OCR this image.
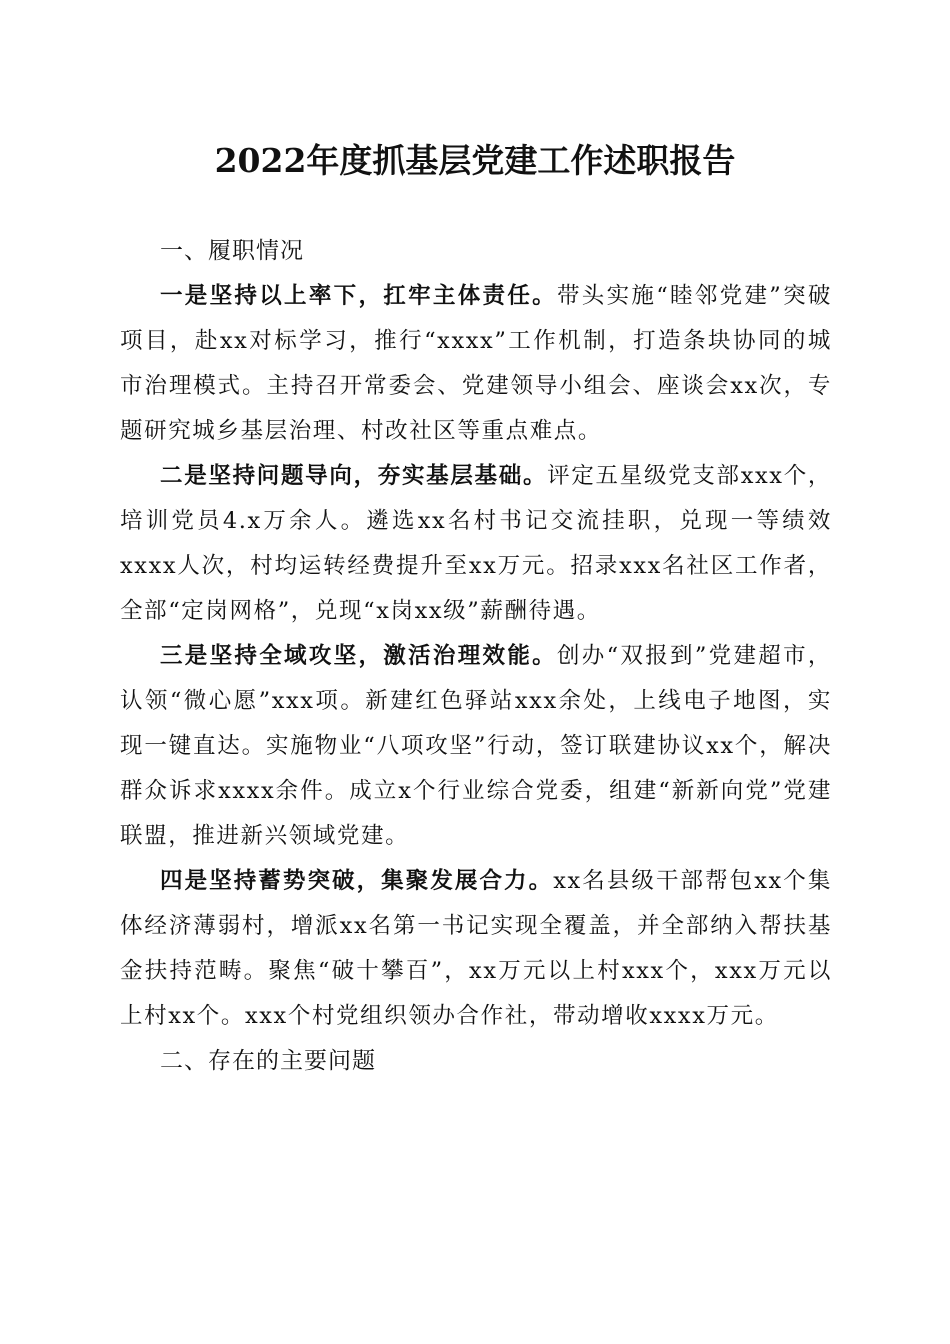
2022年度抓基层党建工作述职报告

一、履职情况

一是坚持以上率下，扛牢主体责任。带头实施“睦邻党建”突破项目，赴xx对标学习，推行“xxxx”工作机制，打造条块协同的城市治理模式。主持召开常委会、党建领导小组会、座谈会xx次，专题研究城乡基层治理、村改社区等重点难点。

二是坚持问题导向，夯实基层基础。评定五星级党支部xxx个，培训党员4.x万余人。遴选xx名村书记交流挂职，兑现一等绩效xxxx人次，村均运转经费提升至xx万元。招录xxx名社区工作者，全部“定岗网格”，兑现“x岗xx级”薪酬待遇。

三是坚持全域攻坚，激活治理效能。创办“双报到”党建超市，认领“微心愿”xxx项。新建红色驿站xxx余处，上线电子地图，实现一键直达。实施物业“八项攻坚”行动，签订联建协议xx个，解决群众诉求xxxx余件。成立x个行业综合党委，组建“新新向党”党建联盟，推进新兴领域党建。

四是坚持蓄势突破，集聚发展合力。xx名县级干部帮包xx个集体经济薄弱村，增派xx名第一书记实现全覆盖，并全部纳入帮扶基金扶持范畴。聚焦“破十攀百”，xx万元以上村xxx个，xxx万元以上村xx个。xxx个村党组织领办合作社，带动增收xxxx万元。

二、存在的主要问题
